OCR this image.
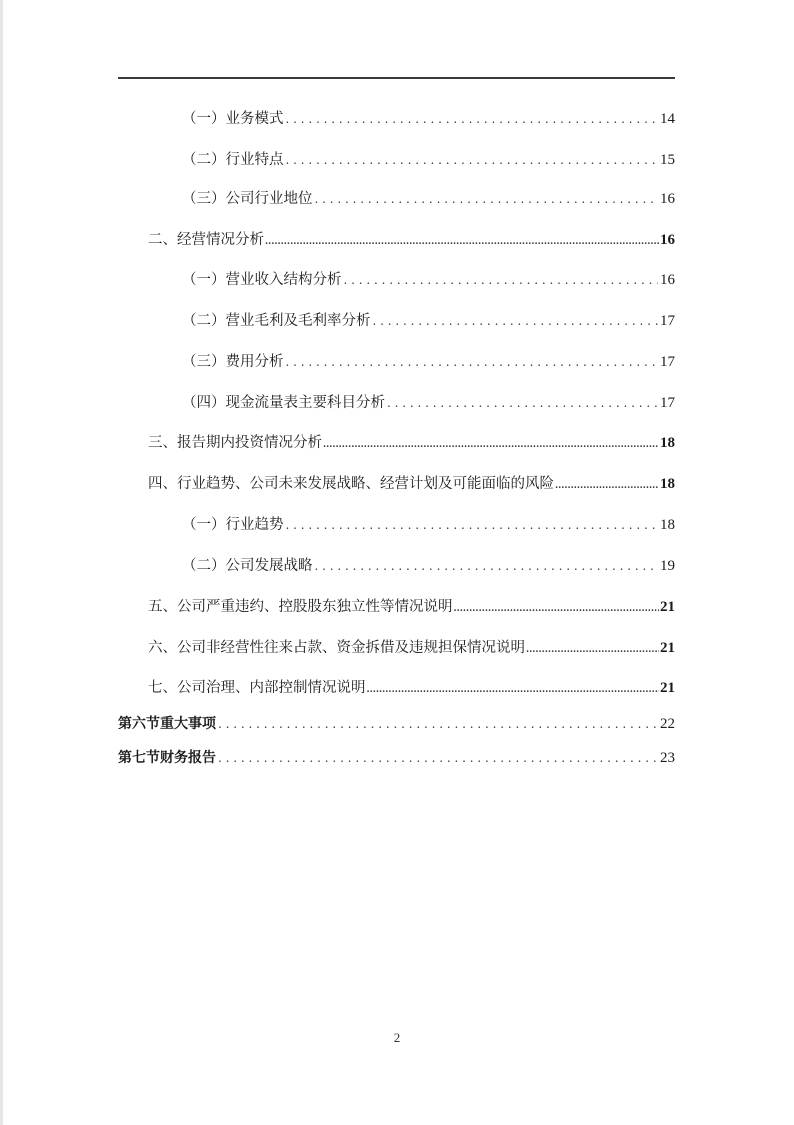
（一）业务模式 . . .	14
（二）行业特点 . . .	15
（三）公司行业地位 . . .	16
二、经营情况分析 .....	16
（一）营业收入结构分析 . . .	16
（二）营业毛利及毛利率分析 . . .	17
（三）费用分析 . . .	17
（四）现金流量表主要科目分析 . . .	17
三、报告期内投资情况分析 .....	18
四、行业趋势、公司未来发展战略、经营计划及可能面临的风险 .....	18
（一）行业趋势 . . .	18
（二）公司发展战略 . . .	19
五、公司严重违约、控股股东独立性等情况说明 .....	21
六、公司非经营性往来占款、资金拆借及违规担保情况说明 .....	21
七、公司治理、内部控制情况说明 .....	21
第六节重大事项 . . .	22
第七节财务报告 . . .	23
2
